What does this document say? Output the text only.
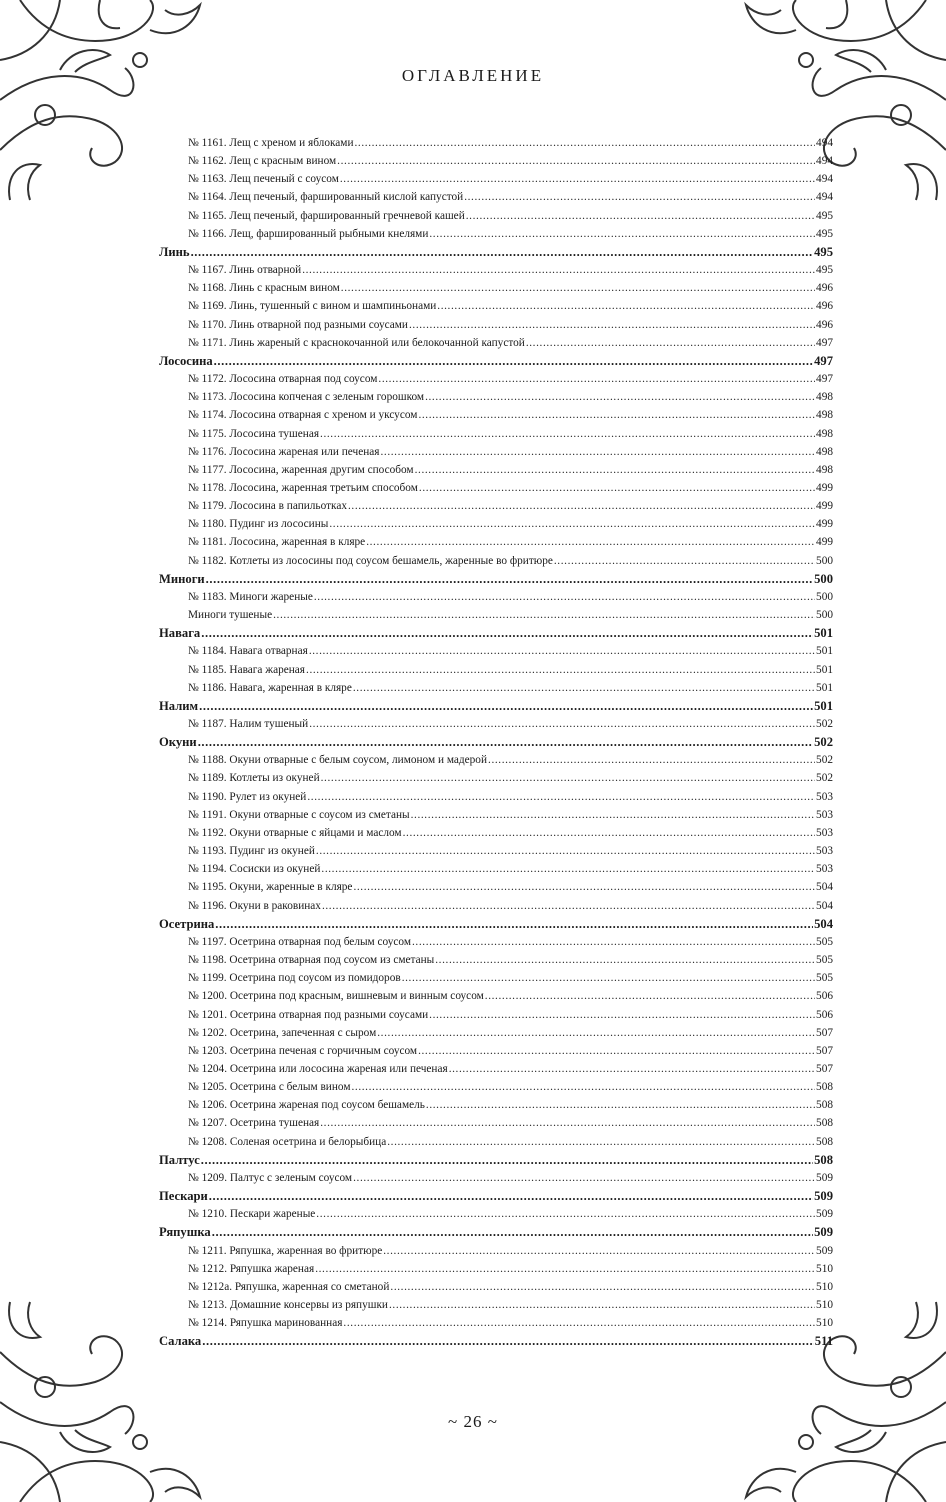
ОГЛАВЛЕНИЕ
№ 1161. Лещ с хреном и яблоками .....	494
№ 1162. Лещ с красным вином .....	494
№ 1163. Лещ печеный с соусом .....	494
№ 1164. Лещ печеный, фаршированный кислой капустой .....	494
№ 1165. Лещ печеный, фаршированный гречневой кашей .....	495
№ 1166. Лещ, фаршированный рыбными кнелями .....	495
Линь .....	495
№ 1167. Линь отварной .....	495
№ 1168. Линь с красным вином .....	496
№ 1169. Линь, тушенный с вином и шампиньонами .....	496
№ 1170. Линь отварной под разными соусами .....	496
№ 1171. Линь жареный с краснокочанной или белокочанной капустой .....	497
Лососина .....	497
№ 1172. Лососина отварная под соусом .....	497
№ 1173. Лососина копченая с зеленым горошком .....	498
№ 1174. Лососина отварная с хреном и уксусом .....	498
№ 1175. Лососина тушеная .....	498
№ 1176. Лососина жареная или печеная .....	498
№ 1177. Лососина, жаренная другим способом .....	498
№ 1178. Лососина, жаренная третьим способом .....	499
№ 1179. Лососина в папильотках .....	499
№ 1180. Пудинг из лососины .....	499
№ 1181. Лососина, жаренная в кляре .....	499
№ 1182. Котлеты из лососины под соусом бешамель, жаренные во фритюре .....	500
Миноги .....	500
№ 1183. Миноги жареные .....	500
Миноги тушеные .....	500
Навага .....	501
№ 1184. Навага отварная .....	501
№ 1185. Навага жареная .....	501
№ 1186. Навага, жаренная в кляре .....	501
Налим .....	501
№ 1187. Налим тушеный .....	502
Окуни .....	502
№ 1188. Окуни отварные с белым соусом, лимоном и мадерой .....	502
№ 1189. Котлеты из окуней .....	502
№ 1190. Рулет из окуней .....	503
№ 1191. Окуни отварные с соусом из сметаны .....	503
№ 1192. Окуни отварные с яйцами и маслом .....	503
№ 1193. Пудинг из окуней .....	503
№ 1194. Сосиски из окуней .....	503
№ 1195. Окуни, жаренные в кляре .....	504
№ 1196. Окуни в раковинах .....	504
Осетрина .....	504
№ 1197. Осетрина отварная под белым соусом .....	505
№ 1198. Осетрина отварная под соусом из сметаны .....	505
№ 1199. Осетрина под соусом из помидоров .....	505
№ 1200. Осетрина под красным, вишневым и винным соусом .....	506
№ 1201. Осетрина отварная под разными соусами .....	506
№ 1202. Осетрина, запеченная с сыром .....	507
№ 1203. Осетрина печеная с горчичным соусом .....	507
№ 1204. Осетрина или лососина жареная или печеная .....	507
№ 1205. Осетрина с белым вином .....	508
№ 1206. Осетрина жареная под соусом бешамель .....	508
№ 1207. Осетрина тушеная .....	508
№ 1208. Соленая осетрина и белорыбица .....	508
Палтус .....	508
№ 1209. Палтус с зеленым соусом .....	509
Пескари .....	509
№ 1210. Пескари жареные .....	509
Ряпушка .....	509
№ 1211. Ряпушка, жаренная во фритюре .....	509
№ 1212. Ряпушка жареная .....	510
№ 1212а. Ряпушка, жаренная со сметаной .....	510
№ 1213. Домашние консервы из ряпушки .....	510
№ 1214. Ряпушка маринованная .....	510
Салака .....	511
~ 26 ~
